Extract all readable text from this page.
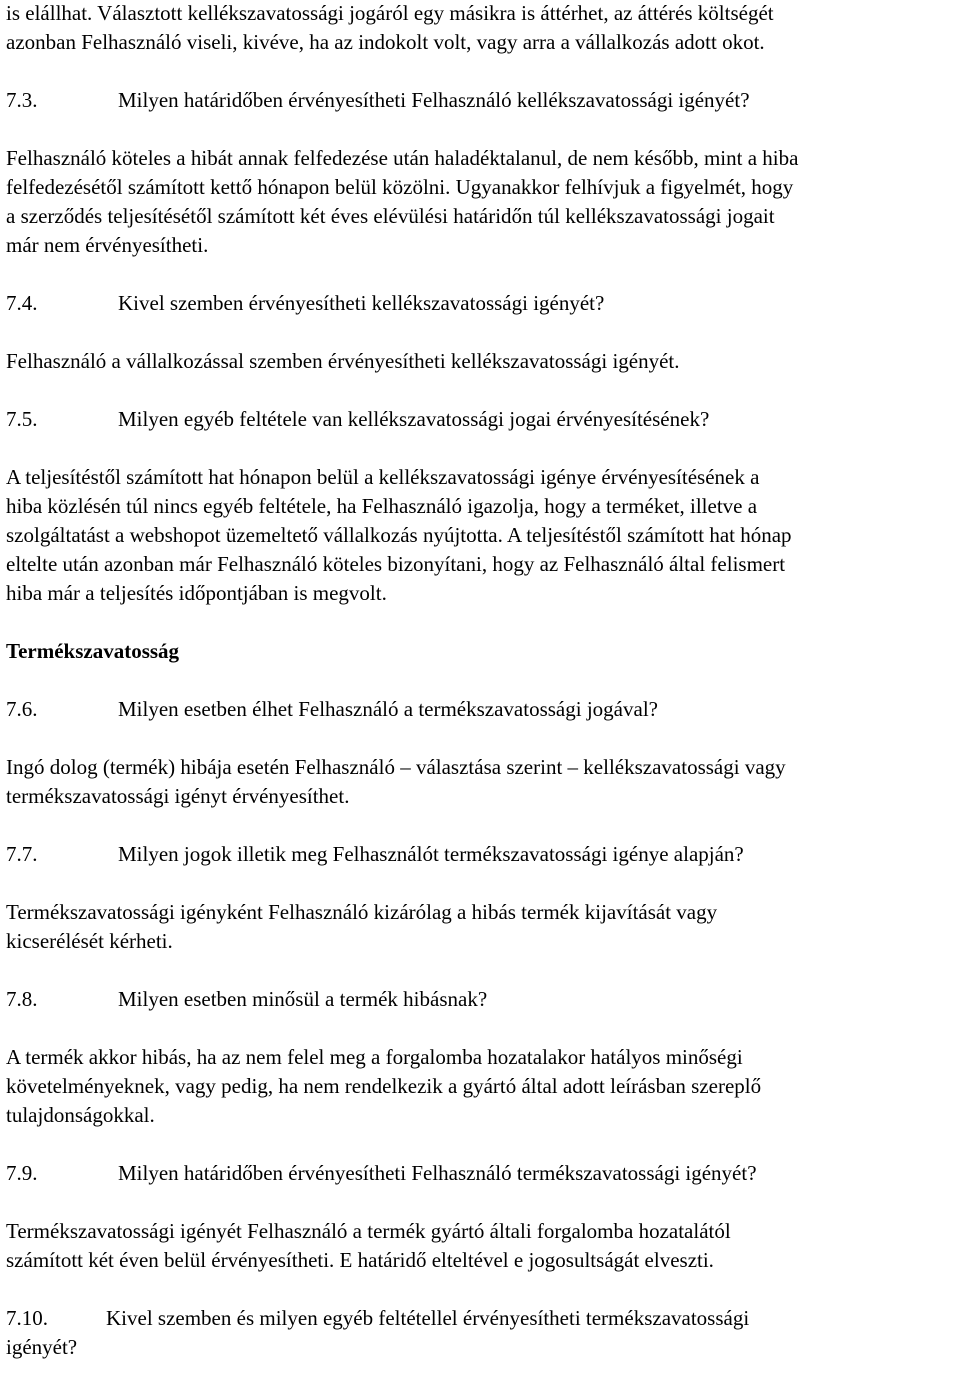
is elállhat. Választott kellékszavatossági jogáról egy másikra is áttérhet, az áttérés költségét

azonban Felhasználó viseli, kivéve, ha az indokolt volt, vagy arra a vállalkozás adott okot.

7.3.	Milyen határidőben érvényesítheti Felhasználó kellékszavatossági igényét?

Felhasználó köteles a hibát annak felfedezése után haladéktalanul, de nem később, mint a hiba

felfedezésétől számított kettő hónapon belül közölni. Ugyanakkor felhívjuk a figyelmét, hogy

a szerződés teljesítésétől számított két éves elévülési határidőn túl kellékszavatossági jogait

már nem érvényesítheti.

7.4.	Kivel szemben érvényesítheti kellékszavatossági igényét?

Felhasználó a vállalkozással szemben érvényesítheti kellékszavatossági igényét.

7.5.	Milyen egyéb feltétele van kellékszavatossági jogai érvényesítésének?

A teljesítéstől számított hat hónapon belül a kellékszavatossági igénye érvényesítésének a

hiba közlésén túl nincs egyéb feltétele, ha Felhasználó igazolja, hogy a terméket, illetve a

szolgáltatást a webshopot üzemeltető vállalkozás nyújtotta. A teljesítéstől számított hat hónap

eltelte után azonban már Felhasználó köteles bizonyítani, hogy az Felhasználó által felismert

hiba már a teljesítés időpontjában is megvolt.

Termékszavatosság

7.6.	Milyen esetben élhet Felhasználó a termékszavatossági jogával?

Ingó dolog (termék) hibája esetén Felhasználó – választása szerint – kellékszavatossági vagy

termékszavatossági igényt érvényesíthet.

7.7.	Milyen jogok illetik meg Felhasználót termékszavatossági igénye alapján?

Termékszavatossági igényként Felhasználó kizárólag a hibás termék kijavítását vagy

kicserélését kérheti.

7.8.	Milyen esetben minősül a termék hibásnak?

A termék akkor hibás, ha az nem felel meg a forgalomba hozatalakor hatályos minőségi

követelményeknek, vagy pedig, ha nem rendelkezik a gyártó által adott leírásban szereplő

tulajdonságokkal.

7.9.	Milyen határidőben érvényesítheti Felhasználó termékszavatossági igényét?

Termékszavatossági igényét Felhasználó a termék gyártó általi forgalomba hozatalától

számított két éven belül érvényesítheti. E határidő elteltével e jogosultságát elveszti.

7.10.	Kivel szemben és milyen egyéb feltétellel érvényesítheti termékszavatossági

igényét?
